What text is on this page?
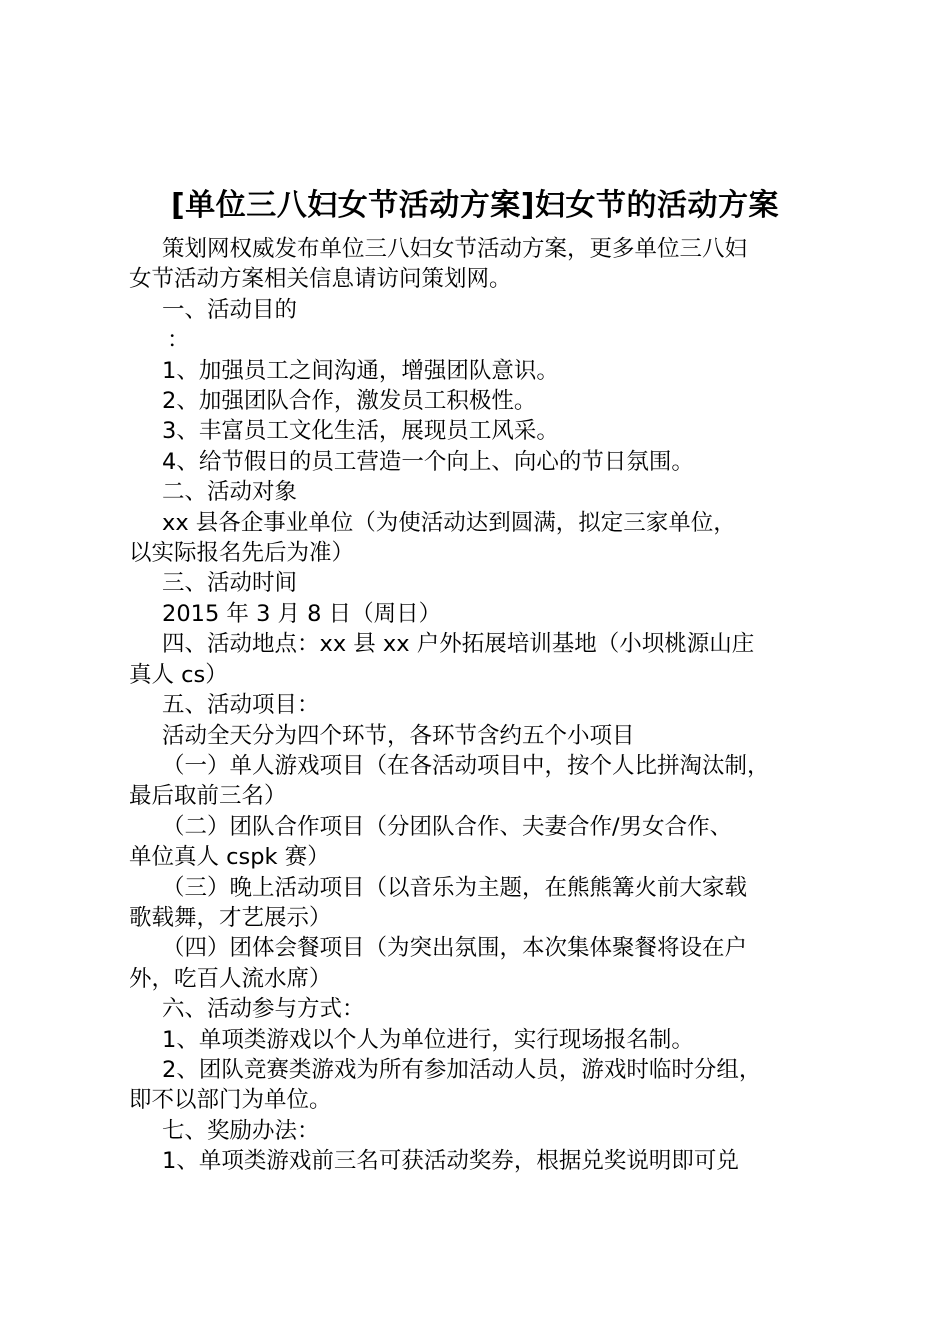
[单位三八妇女节活动方案]妇女节的活动方案

策划网权威发布单位三八妇女节活动方案，更多单位三八妇

女节活动方案相关信息请访问策划网。

一、活动目的

：

1、加强员工之间沟通，增强团队意识。

2、加强团队合作，激发员工积极性。

3、丰富员工文化生活，展现员工风采。

4、给节假日的员工营造一个向上、向心的节日氛围。

二、活动对象

xx 县各企事业单位（为使活动达到圆满，拟定三家单位，

以实际报名先后为准）

三、活动时间

2015 年 3 月 8 日（周日）

四、活动地点：xx 县 xx 户外拓展培训基地（小坝桃源山庄

真人 cs）

五、活动项目：

活动全天分为四个环节，各环节含约五个小项目

（一）单人游戏项目（在各活动项目中，按个人比拼淘汰制，

最后取前三名）

（二）团队合作项目（分团队合作、夫妻合作/男女合作、

单位真人 cspk 赛）

（三）晚上活动项目（以音乐为主题，在熊熊篝火前大家载

歌载舞，才艺展示）

（四）团体会餐项目（为突出氛围，本次集体聚餐将设在户

外，吃百人流水席）

六、活动参与方式：

1、单项类游戏以个人为单位进行，实行现场报名制。

2、团队竞赛类游戏为所有参加活动人员，游戏时临时分组，

即不以部门为单位。

七、奖励办法：

1、单项类游戏前三名可获活动奖券，根据兑奖说明即可兑
